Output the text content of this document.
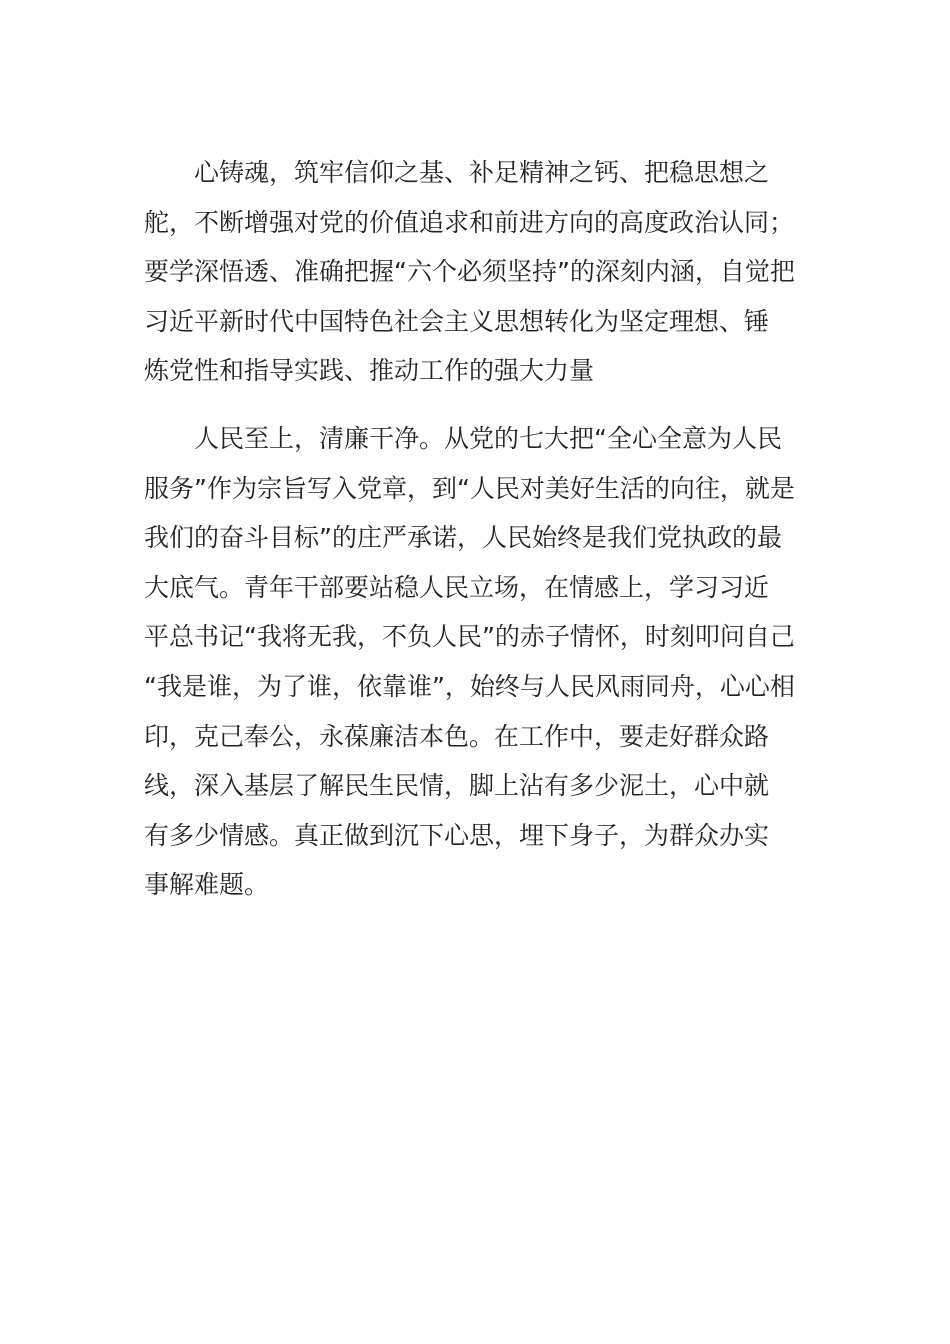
心铸魂，筑牢信仰之基、补足精神之钙、把稳思想之
舵，不断增强对党的价值追求和前进方向的高度政治认同；
要学深悟透、准确把握“六个必须坚持”的深刻内涵，自觉把
习近平新时代中国特色社会主义思想转化为坚定理想、锤
炼党性和指导实践、推动工作的强大力量

人民至上，清廉干净。从党的七大把“全心全意为人民
服务”作为宗旨写入党章，到“人民对美好生活的向往，就是
我们的奋斗目标”的庄严承诺，人民始终是我们党执政的最
大底气。青年干部要站稳人民立场，在情感上，学习习近
平总书记“我将无我，不负人民”的赤子情怀，时刻叩问自己
“我是谁，为了谁，依靠谁”，始终与人民风雨同舟，心心相
印，克己奉公，永葆廉洁本色。在工作中，要走好群众路
线，深入基层了解民生民情，脚上沾有多少泥土，心中就
有多少情感。真正做到沉下心思，埋下身子，为群众办实
事解难题。
